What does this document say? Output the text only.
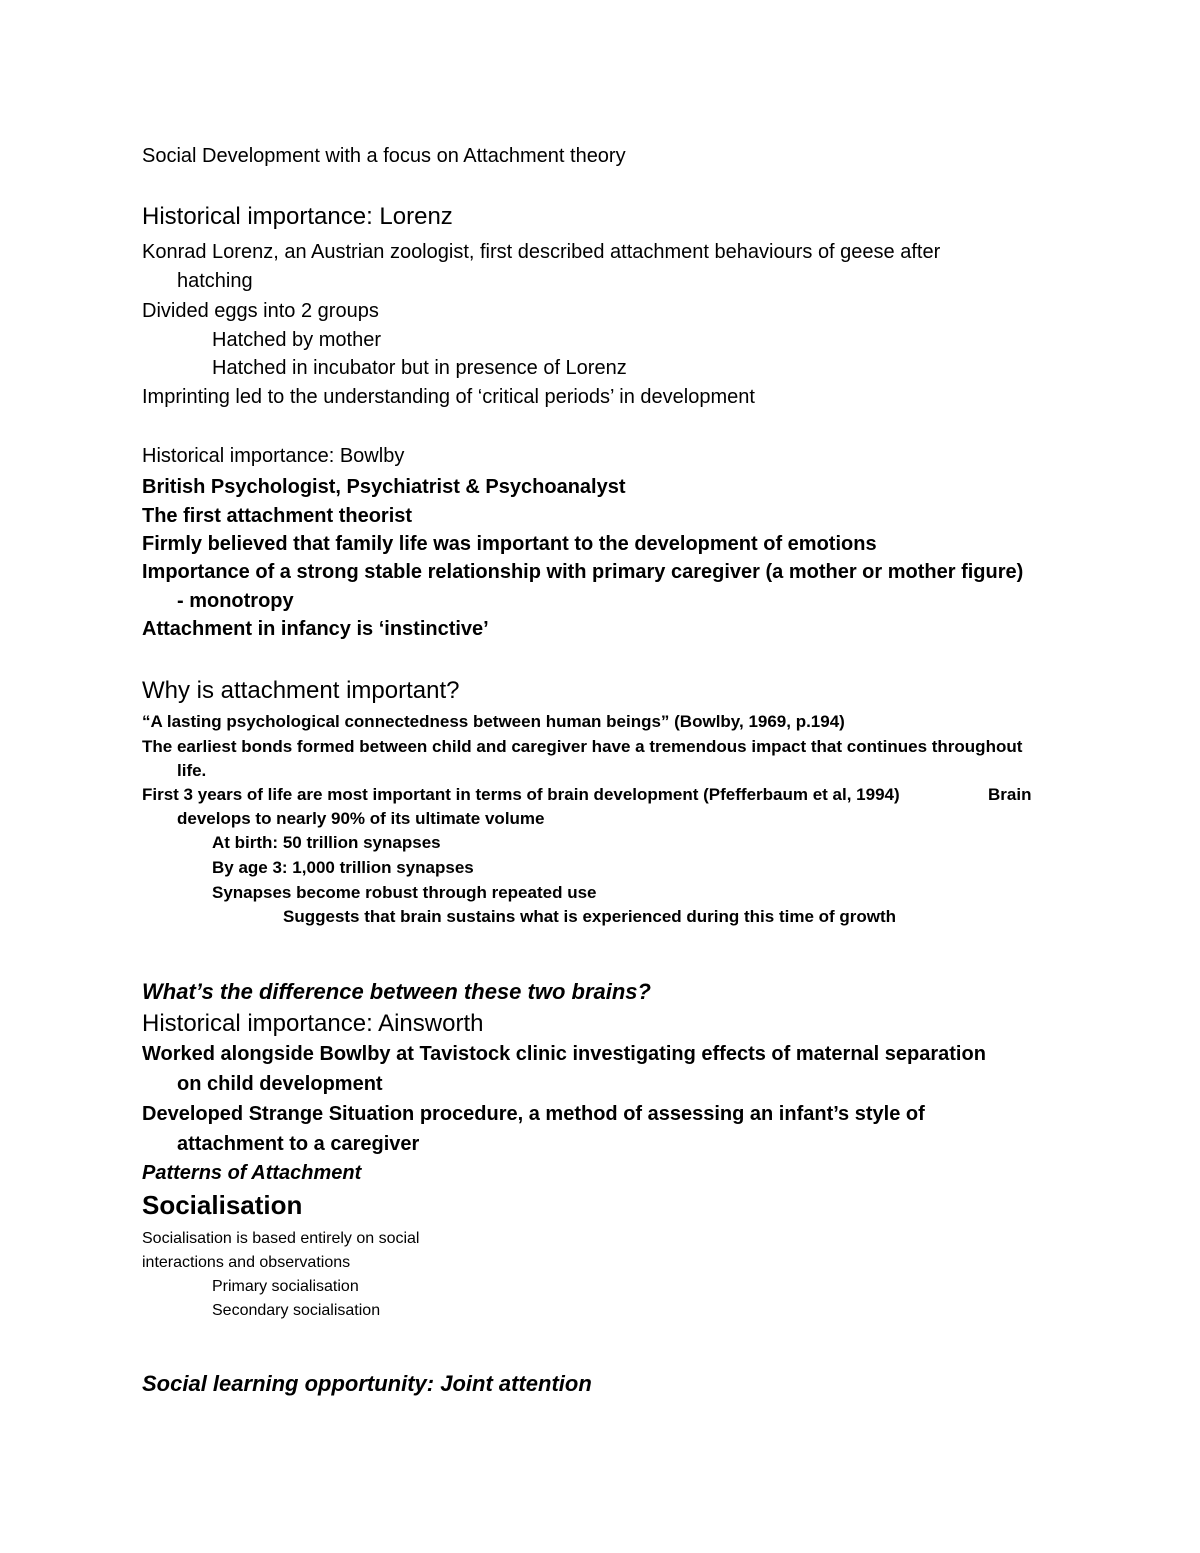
Social Development with a focus on Attachment theory

Historical importance: Lorenz

Konrad Lorenz, an Austrian zoologist, first described attachment behaviours of geese after

hatching

Divided eggs into 2 groups

Hatched by mother

Hatched in incubator but in presence of Lorenz

Imprinting led to the understanding of ‘critical periods’ in development

Historical importance: Bowlby

British Psychologist, Psychiatrist & Psychoanalyst

The first attachment theorist

Firmly believed that family life was important to the development of emotions

Importance of a strong stable relationship with primary caregiver (a mother or mother figure)

- monotropy

Attachment in infancy is ‘instinctive’

Why is attachment important?

“A lasting psychological connectedness between human beings” (Bowlby, 1969, p.194)

The earliest bonds formed between child and caregiver have a tremendous impact that continues throughout

life.

First 3 years of life are most important in terms of brain development (Pfefferbaum et al, 1994)	Brain

develops to nearly 90% of its ultimate volume

At birth: 50 trillion synapses

By age 3: 1,000 trillion synapses

Synapses become robust through repeated use

Suggests that brain sustains what is experienced during this time of growth

What’s the difference between these two brains?

Historical importance: Ainsworth

Worked alongside Bowlby at Tavistock clinic investigating effects of maternal separation

on child development

Developed Strange Situation procedure, a method of assessing an infant’s style of

attachment to a caregiver

Patterns of Attachment

Socialisation

Socialisation is based entirely on social

interactions and observations

Primary socialisation

Secondary socialisation

Social learning opportunity: Joint attention
